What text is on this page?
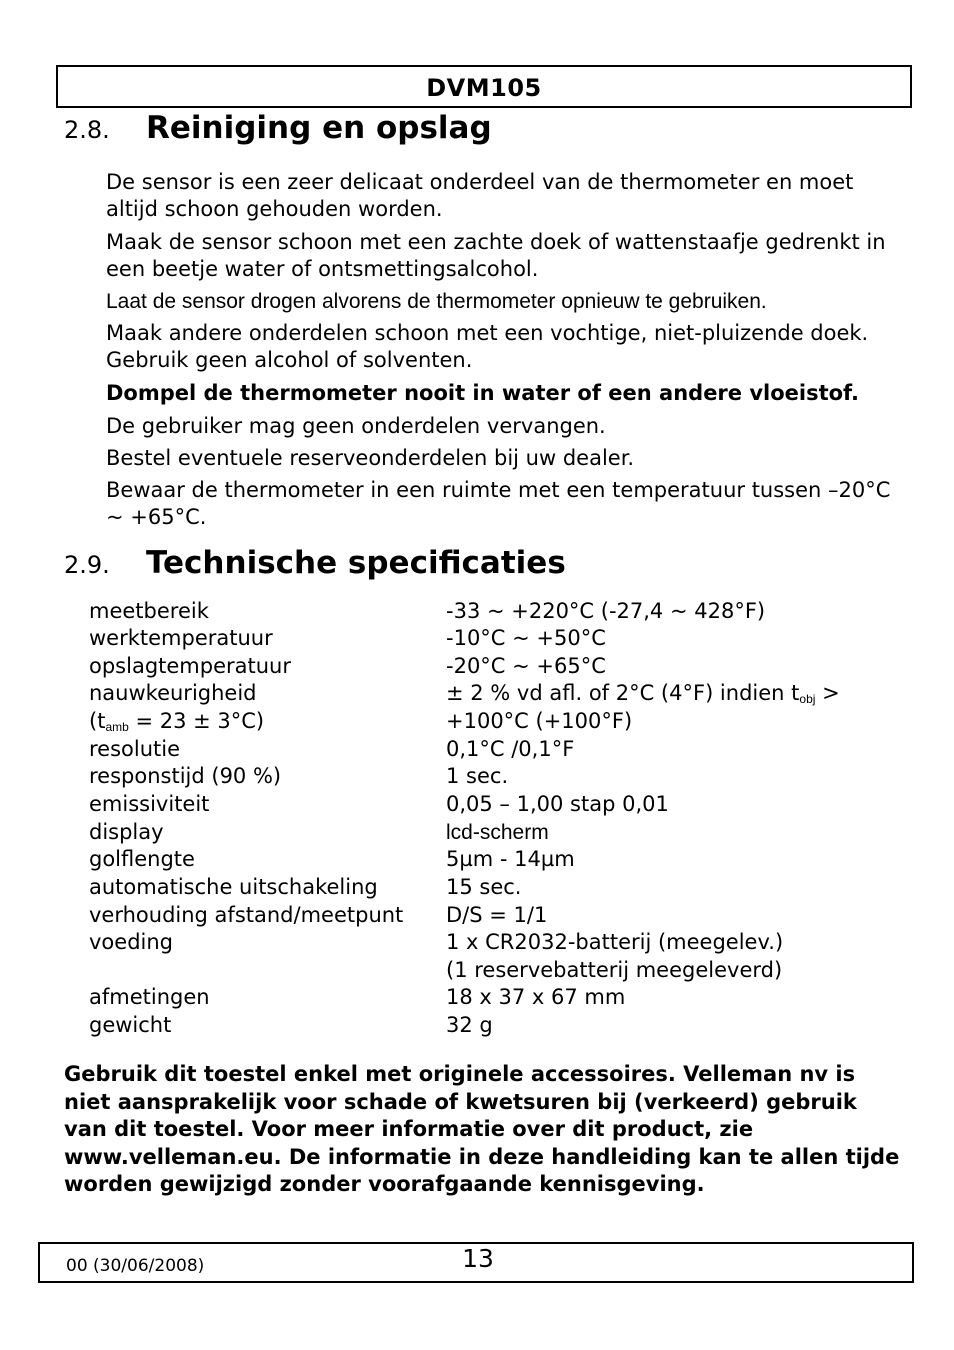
DVM105
2.8.	Reiniging en opslag

De sensor is een zeer delicaat onderdeel van de thermometer en moet altijd schoon gehouden worden.

Maak de sensor schoon met een zachte doek of wattenstaafje gedrenkt in een beetje water of ontsmettingsalcohol.

Laat de sensor drogen alvorens de thermometer opnieuw te gebruiken.

Maak andere onderdelen schoon met een vochtige, niet-pluizende doek. Gebruik geen alcohol of solventen.

Dompel de thermometer nooit in water of een andere vloeistof.

De gebruiker mag geen onderdelen vervangen.

Bestel eventuele reserveonderdelen bij uw dealer.

Bewaar de thermometer in een ruimte met een temperatuur tussen –20°C ~ +65°C.

2.9.	Technische specificaties
meetbereik	-33 ~ +220°C (-27,4 ~ 428°F)
werktemperatuur	-10°C ~ +50°C
opslagtemperatuur	-20°C ~ +65°C
nauwkeurigheid	± 2 % vd afl. of 2°C (4°F) indien $t_{obj}$ >
$(t_{amb} = 23 \pm 3^\circ C)$	+100°C (+100°F)
resolutie	0,1°C /0,1°F
responstijd (90 %)	1 sec.
emissiviteit	0,05 – 1,00 stap 0,01
display	lcd-scherm
golflengte	5µm - 14µm
automatische uitschakeling	15 sec.
verhouding afstand/meetpunt D/S = 1/1
voeding	1 x CR2032-batterij (meegelev.)
(1 reservebatterij meegeleverd)
afmetingen	18 x 37 x 67 mm
gewicht	32 g

Gebruik dit toestel enkel met originele accessoires. Velleman nv is niet aansprakelijk voor schade of kwetsuren bij (verkeerd) gebruik van dit toestel. Voor meer informatie over dit product, zie www.velleman.eu. De informatie in deze handleiding kan te allen tijde worden gewijzigd zonder voorafgaande kennisgeving.

00 (30/06/2008)	13
